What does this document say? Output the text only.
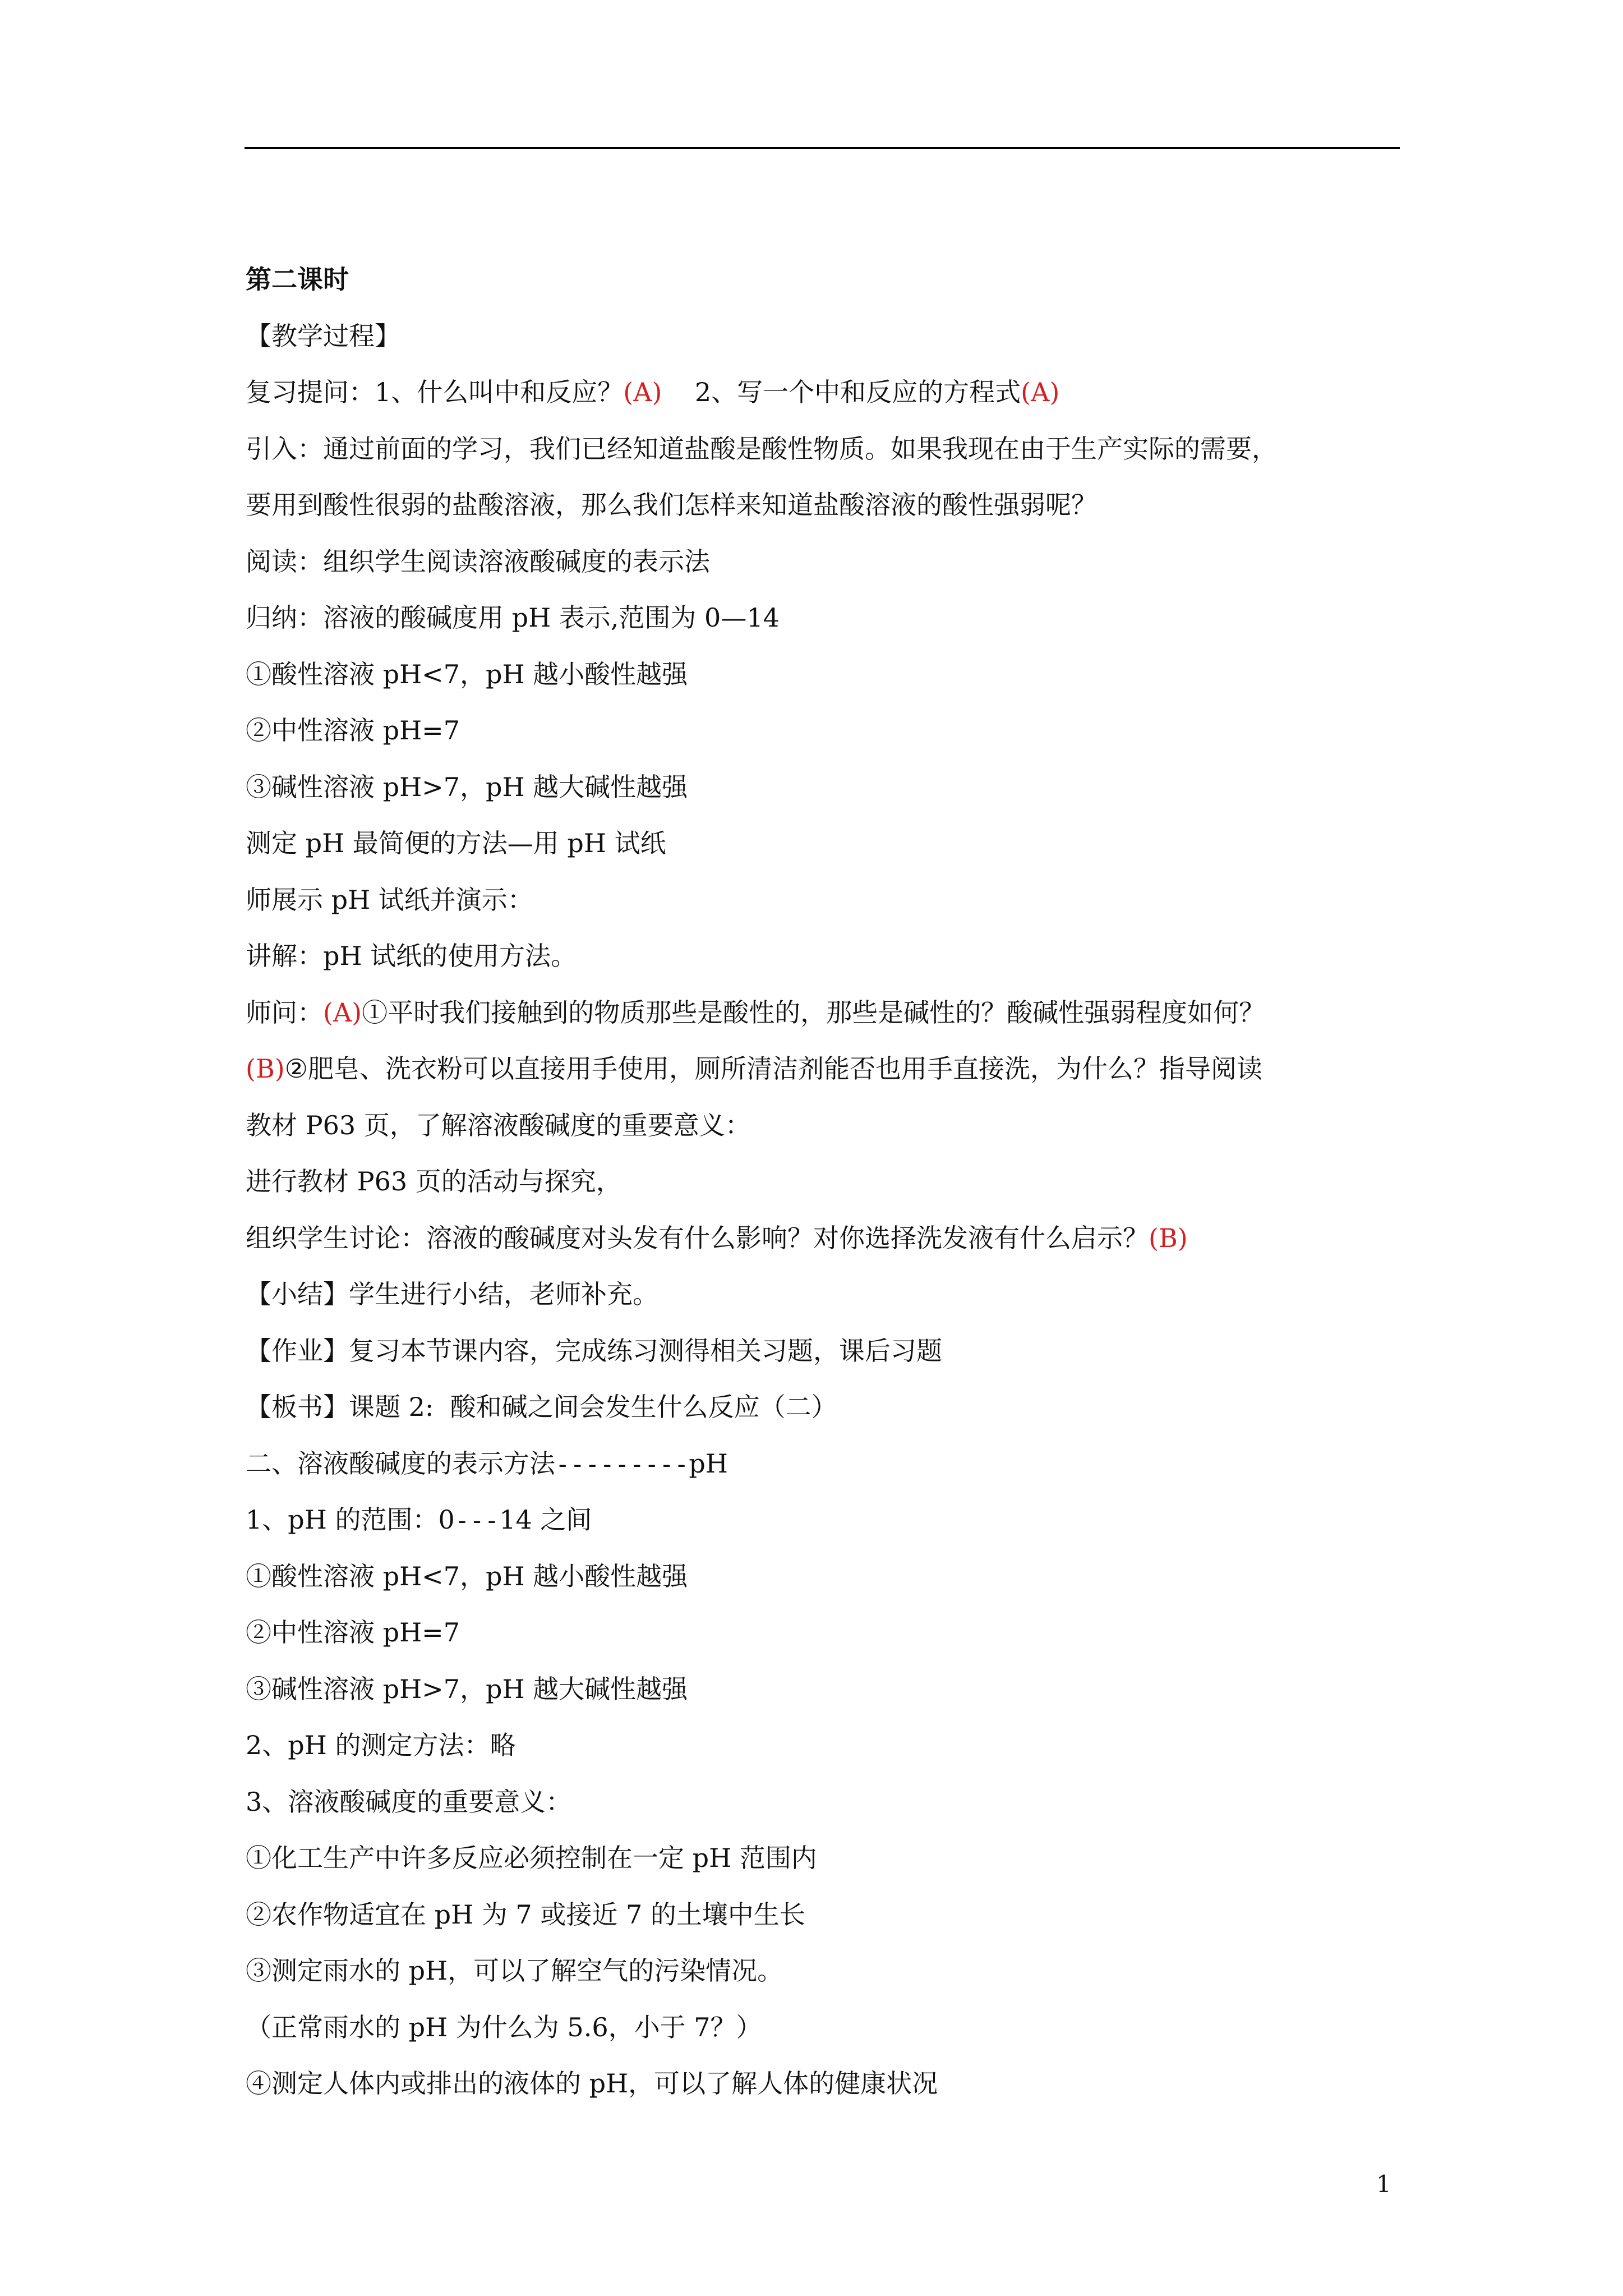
第二课时
【教学过程】
复习提问：1、什么叫中和反应？(A)    2、写一个中和反应的方程式(A)
引入：通过前面的学习，我们已经知道盐酸是酸性物质。如果我现在由于生产实际的需要，
要用到酸性很弱的盐酸溶液，那么我们怎样来知道盐酸溶液的酸性强弱呢？
阅读：组织学生阅读溶液酸碱度的表示法
归纳：溶液的酸碱度用 pH 表示,范围为 0—14
①酸性溶液 pH<7，pH 越小酸性越强
②中性溶液 pH=7
③碱性溶液 pH>7，pH 越大碱性越强
测定 pH 最简便的方法—用 pH 试纸
师展示 pH 试纸并演示：
讲解：pH 试纸的使用方法。
师问：(A)①平时我们接触到的物质那些是酸性的，那些是碱性的？酸碱性强弱程度如何？
(B)②肥皂、洗衣粉可以直接用手使用，厕所清洁剂能否也用手直接洗，为什么？指导阅读
教材 P63 页，了解溶液酸碱度的重要意义：
进行教材 P63 页的活动与探究，
组织学生讨论：溶液的酸碱度对头发有什么影响？对你选择洗发液有什么启示？(B)
【小结】学生进行小结，老师补充。
【作业】复习本节课内容，完成练习测得相关习题，课后习题
【板书】课题 2:  酸和碱之间会发生什么反应（二）
二、溶液酸碱度的表示方法---------pH
1、pH 的范围：0---14 之间
①酸性溶液 pH<7，pH 越小酸性越强
②中性溶液 pH=7
③碱性溶液 pH>7，pH 越大碱性越强
2、pH 的测定方法：略
3、溶液酸碱度的重要意义：
①化工生产中许多反应必须控制在一定 pH 范围内
②农作物适宜在 pH 为 7 或接近 7 的土壤中生长
③测定雨水的 pH，可以了解空气的污染情况。
（正常雨水的 pH 为什么为 5.6，小于 7？）
④测定人体内或排出的液体的 pH，可以了解人体的健康状况
1
